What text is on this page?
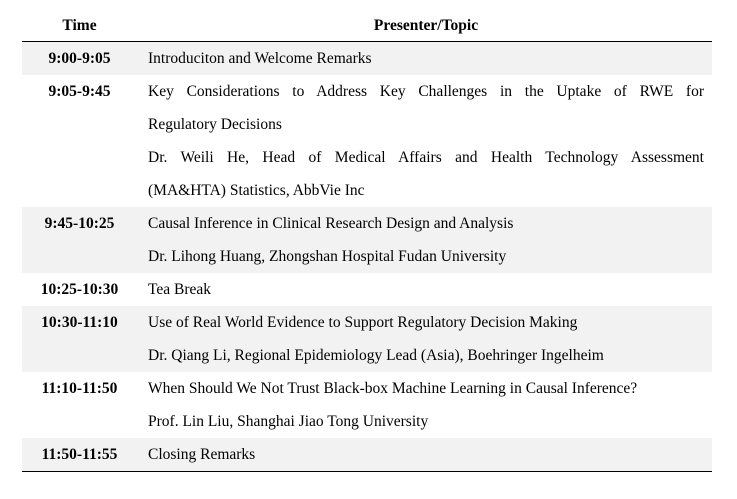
Time	Presenter/Topic
9:00-9:05	Introduciton and Welcome Remarks
9:05-9:45	Key Considerations to Address Key Challenges in the Uptake of RWE for
Regulatory Decisions
Dr. Weili He, Head of Medical Affairs and Health Technology Assessment
(MA&HTA) Statistics, AbbVie Inc
9:45-10:25	Causal Inference in Clinical Research Design and Analysis
Dr. Lihong Huang, Zhongshan Hospital Fudan University
10:25-10:30	Tea Break
10:30-11:10	Use of Real World Evidence to Support Regulatory Decision Making
Dr. Qiang Li, Regional Epidemiology Lead (Asia), Boehringer Ingelheim
11:10-11:50	When Should We Not Trust Black-box Machine Learning in Causal Inference?
Prof. Lin Liu, Shanghai Jiao Tong University
11:50-11:55	Closing Remarks
